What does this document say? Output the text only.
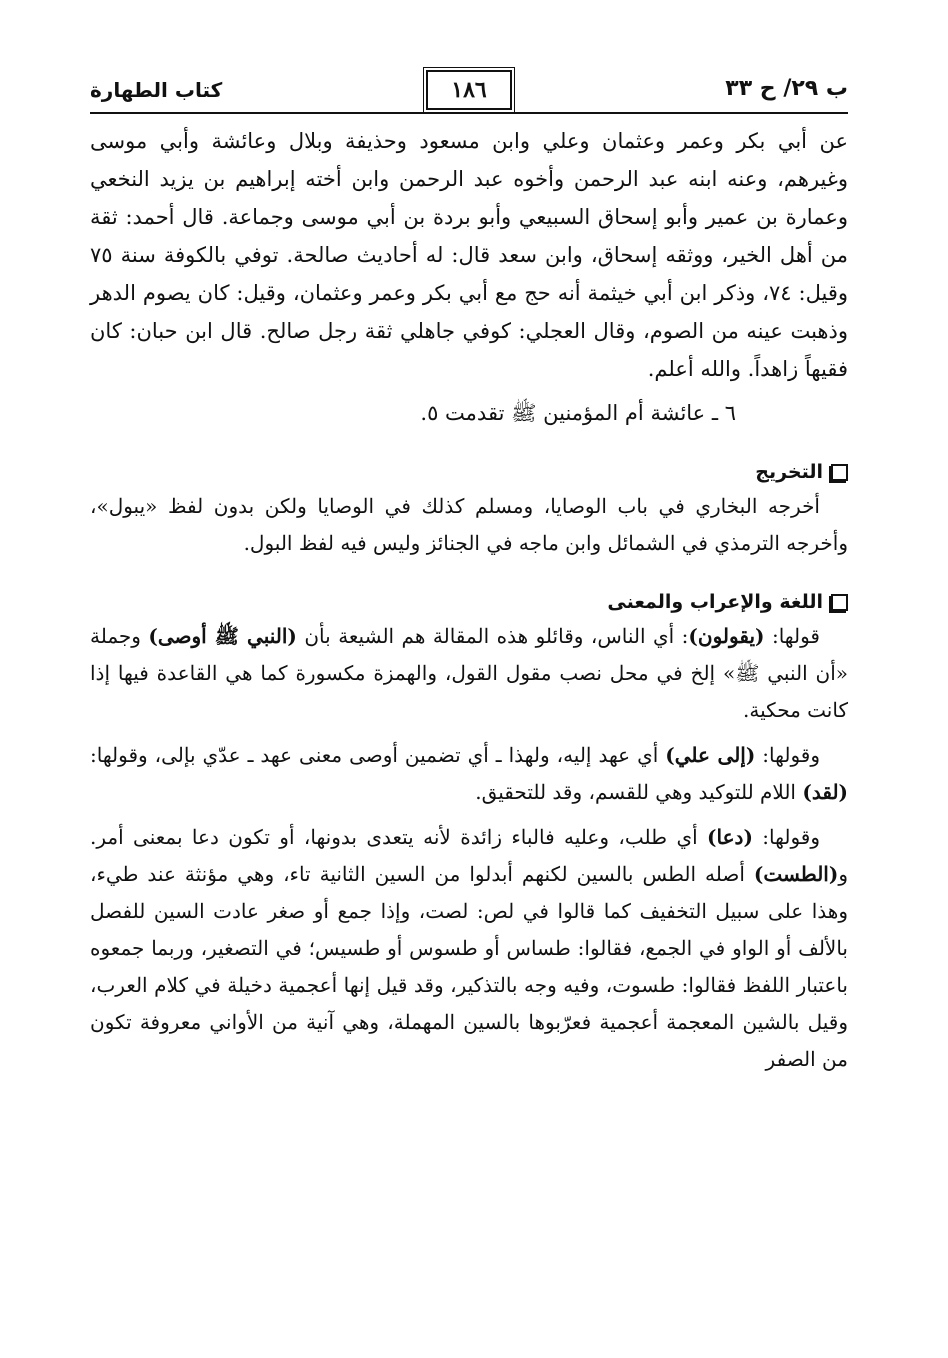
ب ٢٩/ ح ٣٣
١٨٦
كتاب الطهارة

عن أبي بكر وعمر وعثمان وعلي وابن مسعود وحذيفة وبلال وعائشة وأبي موسى وغيرهم، وعنه ابنه عبد الرحمن وأخوه عبد الرحمن وابن أخته إبراهيم بن يزيد النخعي وعمارة بن عمير وأبو إسحاق السبيعي وأبو بردة بن أبي موسى وجماعة. قال أحمد: ثقة من أهل الخير، ووثقه إسحاق، وابن سعد قال: له أحاديث صالحة. توفي بالكوفة سنة ٧٥ وقيل: ٧٤، وذكر ابن أبي خيثمة أنه حج مع أبي بكر وعمر وعثمان، وقيل: كان يصوم الدهر وذهبت عينه من الصوم، وقال العجلي: كوفي جاهلي ثقة رجل صالح. قال ابن حبان: كان فقيهاً زاهداً. والله أعلم.

٦ ـ عائشة أم المؤمنين ﷺ تقدمت ٥.

التخريج

أخرجه البخاري في باب الوصايا، ومسلم كذلك في الوصايا ولكن بدون لفظ «يبول»، وأخرجه الترمذي في الشمائل وابن ماجه في الجنائز وليس فيه لفظ البول.

اللغة والإعراب والمعنى

قولها: (يقولون): أي الناس، وقائلو هذه المقالة هم الشيعة بأن (النبي ﷺ أوصى) وجملة «أن النبي ﷺ» إلخ في محل نصب مقول القول، والهمزة مكسورة كما هي القاعدة فيها إذا كانت محكية.

وقولها: (إلى علي) أي عهد إليه، ولهذا ـ أي تضمين أوصى معنى عهد ـ عدّي بإلى، وقولها: (لقد) اللام للتوكيد وهي للقسم، وقد للتحقيق.

وقولها: (دعا) أي طلب، وعليه فالباء زائدة لأنه يتعدى بدونها، أو تكون دعا بمعنى أمر. و(الطست) أصله الطس بالسين لكنهم أبدلوا من السين الثانية تاء، وهي مؤنثة عند طيء، وهذا على سبيل التخفيف كما قالوا في لص: لصت، وإذا جمع أو صغر عادت السين للفصل بالألف أو الواو في الجمع، فقالوا: طساس أو طسوس أو طسيس؛ في التصغير، وربما جمعوه باعتبار اللفظ فقالوا: طسوت، وفيه وجه بالتذكير، وقد قيل إنها أعجمية دخيلة في كلام العرب، وقيل بالشين المعجمة أعجمية فعرّبوها بالسين المهملة، وهي آنية من الأواني معروفة تكون من الصفر
